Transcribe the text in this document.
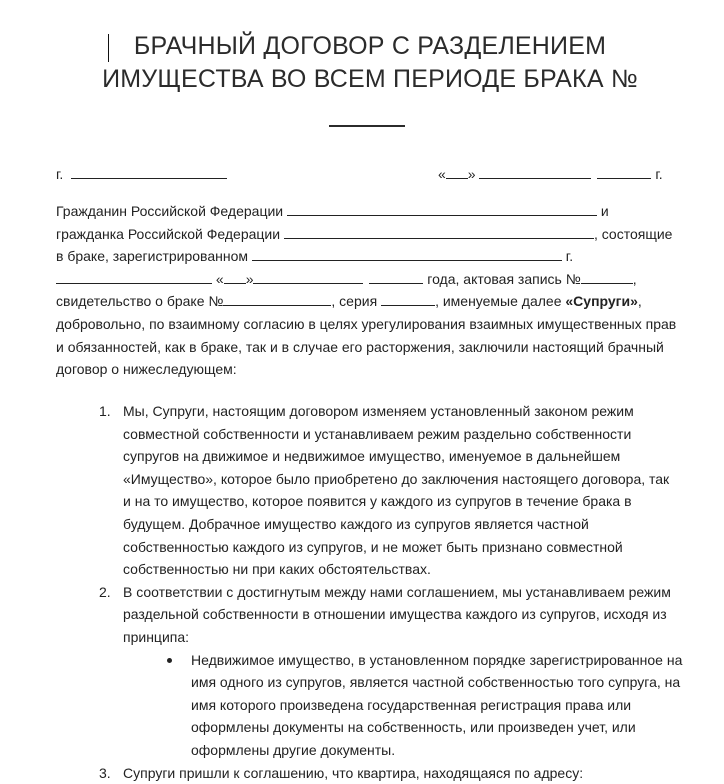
БРАЧНЫЙ ДОГОВОР С РАЗДЕЛЕНИЕМ
ИМУЩЕСТВА ВО ВСЕМ ПЕРИОДЕ БРАКА №
г.	« »	г.
Гражданин Российской Федерации	и
гражданка Российской Федерации	, состоящие
в браке, зарегистрированном	г.
« »	года, актовая запись №	,
свидетельство о браке №	, серия	, именуемые далее «Супруги»,
добровольно, по взаимному согласию в целях урегулирования взаимных имущественных прав
и обязанностей, как в браке, так и в случае его расторжения, заключили настоящий брачный
договор о нижеследующем:
1. Мы, Супруги, настоящим договором изменяем установленный законом режим
совместной собственности и устанавливаем режим раздельно собственности
супругов на движимое и недвижимое имущество, именуемое в дальнейшем
«Имущество», которое было приобретено до заключения настоящего договора, так
и на то имущество, которое появится у каждого из супругов в течение брака в
будущем. Добрачное имущество каждого из супругов является частной
собственностью каждого из супругов, и не может быть признано совместной
собственностью ни при каких обстоятельствах.
2. В соответствии с достигнутым между нами соглашением, мы устанавливаем режим
раздельной собственности в отношении имущества каждого из супругов, исходя из
принципа:
Недвижимое имущество, в установленном порядке зарегистрированное на имя одного из супругов, является частной собственностью того супруга, на имя которого произведена государственная регистрация права или оформлены документы на собственность, или произведен учет, или оформлены другие документы.
3. Супруги пришли к соглашению, что квартира, находящаяся по адресу:
